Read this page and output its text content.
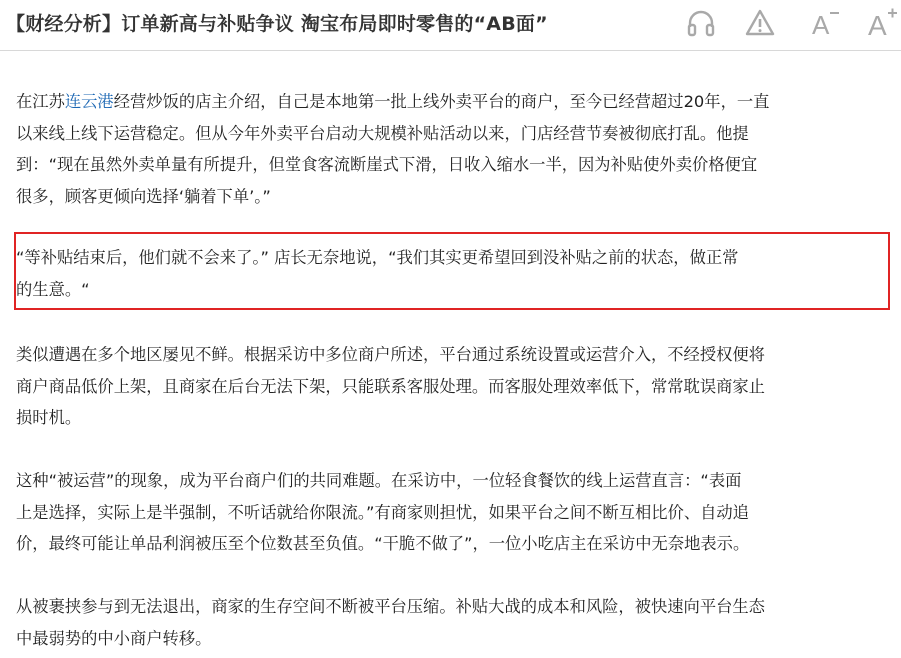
【财经分析】订单新高与补贴争议 淘宝布局即时零售的“AB面”	A A

在江苏连云港经营炒饭的店主介绍，自己是本地第一批上线外卖平台的商户，至今已经营超过20年，一直
以来线上线下运营稳定。但从今年外卖平台启动大规模补贴活动以来，门店经营节奏被彻底打乱。他提
到：“现在虽然外卖单量有所提升，但堂食客流断崖式下滑，日收入缩水一半，因为补贴使外卖价格便宜
很多，顾客更倾向选择‘躺着下单’。”

“等补贴结束后，他们就不会来了。” 店长无奈地说，“我们其实更希望回到没补贴之前的状态，做正常
的生意。“

类似遭遇在多个地区屡见不鲜。根据采访中多位商户所述，平台通过系统设置或运营介入，不经授权便将
商户商品低价上架，且商家在后台无法下架，只能联系客服处理。而客服处理效率低下，常常耽误商家止
损时机。

这种“被运营”的现象，成为平台商户们的共同难题。在采访中，一位轻食餐饮的线上运营直言：“表面
上是选择，实际上是半强制，不听话就给你限流。”有商家则担忧，如果平台之间不断互相比价、自动追
价，最终可能让单品利润被压至个位数甚至负值。“干脆不做了”，一位小吃店主在采访中无奈地表示。

从被裹挟参与到无法退出，商家的生存空间不断被平台压缩。补贴大战的成本和风险，被快速向平台生态
中最弱势的中小商户转移。
